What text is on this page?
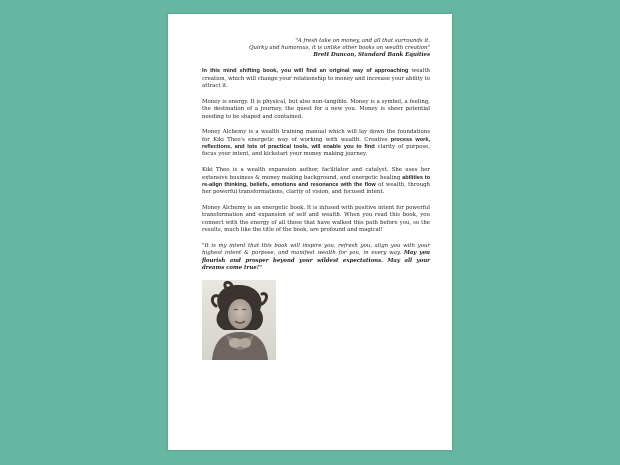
"A fresh take on money, and all that surrounds it.
Quirky and humorous, it is unlike other books on wealth creation"
Brett Duncan, Standard Bank Equities

In this mind shifting book, you will find an original way of approaching wealth creation, which will change your relationship to money and increase your ability to attract it.

Money is energy. It is physical, but also non-tangible. Money is a symbol, a feeling, the destination of a journey, the quest for a new you. Money is sheer potential needing to be shaped and contained.

Money Alchemy is a wealth training manual which will lay down the foundations for Kiki Theo's energetic way of working with wealth. Creative process work, reflections, and lots of practical tools, will enable you to find clarity of purpose, focus your intent, and kickstart your money making journey.

Kiki Theo is a wealth expansion author, facilitator and catalyst. She uses her extensive business & money making background, and energetic healing abilities to re-align thinking, beliefs, emotions and resonance with the flow of wealth, through her powerful transformations, clarity of vision, and focused intent.

Money Alchemy is an energetic book. It is infused with positive intent for powerful transformation and expansion of self and wealth. When you read this book, you connect with the energy of all those that have walked this path before you, so the results, much like the title of the book, are profound and magical!

"It is my intent that this book will inspire you, refresh you, align you with your highest intent & purpose, and manifest wealth for you, in every way. May you flourish and prosper beyond your wildest expectations. May all your dreams come true!"
